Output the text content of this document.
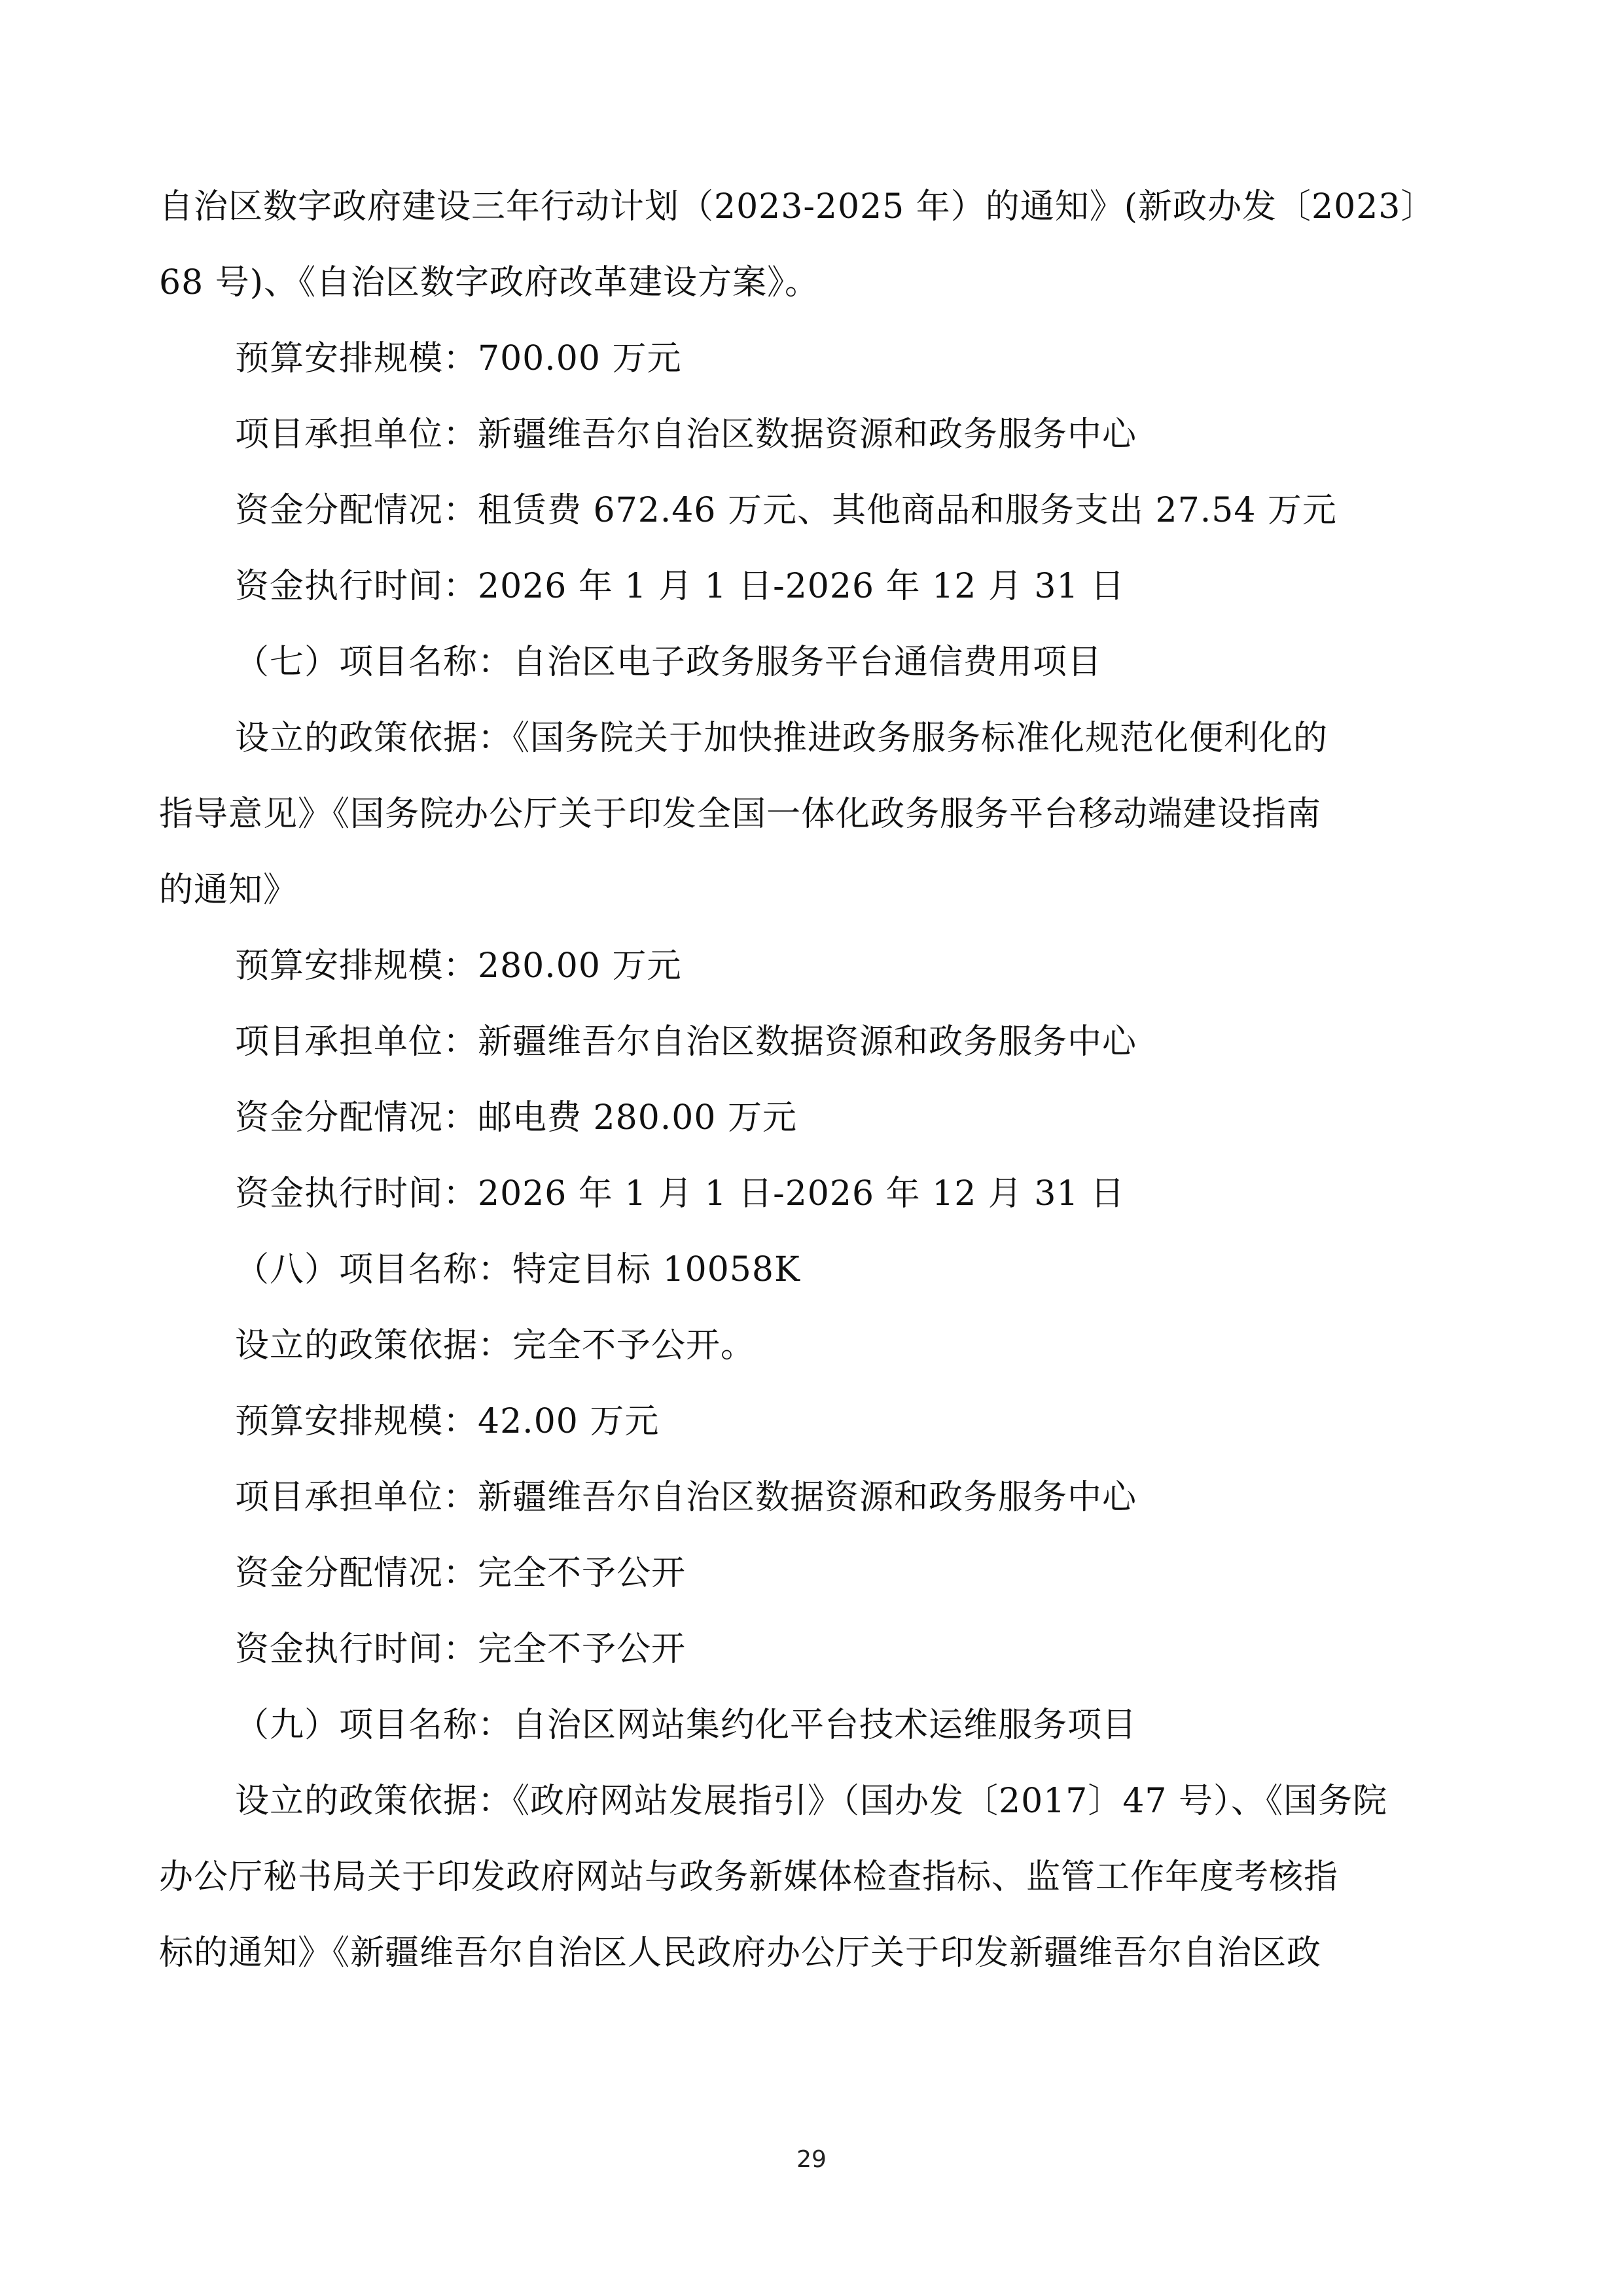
自治区数字政府建设三年行动计划（2023-2025 年）的通知》(新政办发〔2023〕
68 号)、《自治区数字政府改革建设方案》。
预算安排规模：700.00 万元
项目承担单位：新疆维吾尔自治区数据资源和政务服务中心
资金分配情况：租赁费 672.46 万元、其他商品和服务支出 27.54 万元
资金执行时间：2026 年 1 月 1 日-2026 年 12 月 31 日
（七）项目名称：自治区电子政务服务平台通信费用项目
设立的政策依据：《国务院关于加快推进政务服务标准化规范化便利化的
指导意见》《国务院办公厅关于印发全国一体化政务服务平台移动端建设指南
的通知》
预算安排规模：280.00 万元
项目承担单位：新疆维吾尔自治区数据资源和政务服务中心
资金分配情况：邮电费 280.00 万元
资金执行时间：2026 年 1 月 1 日-2026 年 12 月 31 日
（八）项目名称：特定目标 10058K
设立的政策依据：完全不予公开。
预算安排规模：42.00 万元
项目承担单位：新疆维吾尔自治区数据资源和政务服务中心
资金分配情况：完全不予公开
资金执行时间：完全不予公开
（九）项目名称：自治区网站集约化平台技术运维服务项目
设立的政策依据：《政府网站发展指引》（国办发〔2017〕47 号）、《国务院
办公厅秘书局关于印发政府网站与政务新媒体检查指标、监管工作年度考核指
标的通知》《新疆维吾尔自治区人民政府办公厅关于印发新疆维吾尔自治区政
29
